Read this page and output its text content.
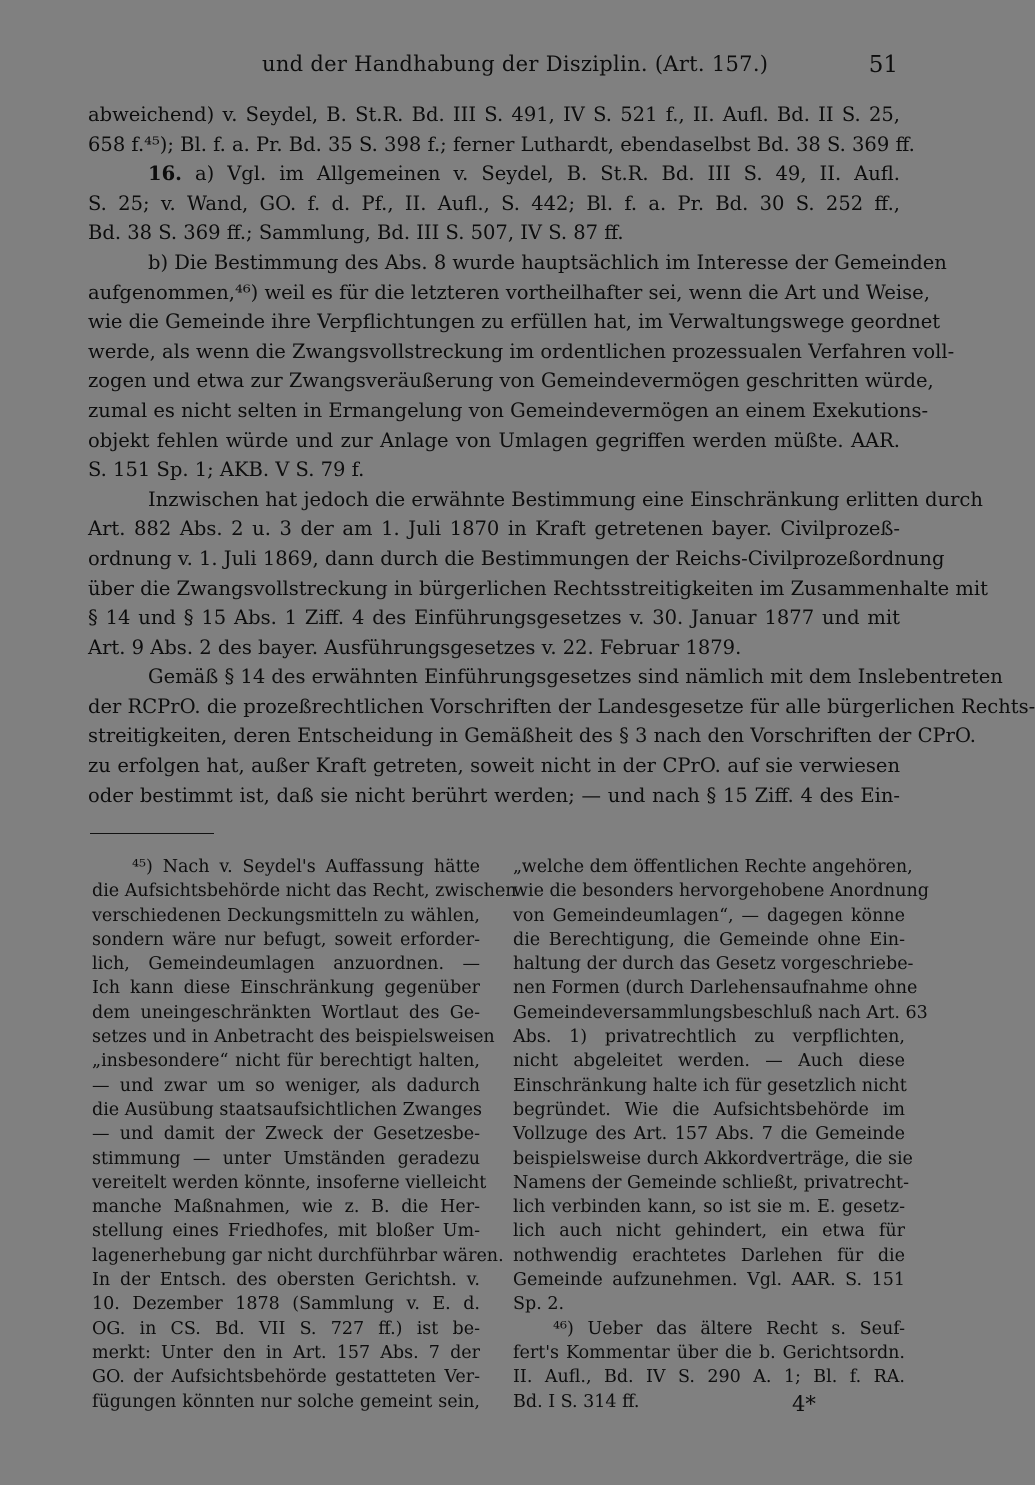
und der Handhabung der Disziplin. (Art. 157.)	51
abweichend) v. Seydel, B. St.R. Bd. III S. 491, IV S. 521 f., II. Aufl. Bd. II S. 25,
658 f.⁴⁵); Bl. f. a. Pr. Bd. 35 S. 398 f.; ferner Luthardt, ebendaselbst Bd. 38 S. 369 ff.
16. a) Vgl. im Allgemeinen v. Seydel, B. St.R. Bd. III S. 49, II. Aufl.
S. 25; v. Wand, GO. f. d. Pf., II. Aufl., S. 442; Bl. f. a. Pr. Bd. 30 S. 252 ff.,
Bd. 38 S. 369 ff.; Sammlung, Bd. III S. 507, IV S. 87 ff.
b) Die Bestimmung des Abs. 8 wurde hauptsächlich im Interesse der Gemeinden
aufgenommen,⁴⁶) weil es für die letzteren vortheilhafter sei, wenn die Art und Weise,
wie die Gemeinde ihre Verpflichtungen zu erfüllen hat, im Verwaltungswege geordnet
werde, als wenn die Zwangsvollstreckung im ordentlichen prozessualen Verfahren voll-
zogen und etwa zur Zwangsveräußerung von Gemeindevermögen geschritten würde,
zumal es nicht selten in Ermangelung von Gemeindevermögen an einem Exekutions-
objekt fehlen würde und zur Anlage von Umlagen gegriffen werden müßte. AAR.
S. 151 Sp. 1; AKB. V S. 79 f.
Inzwischen hat jedoch die erwähnte Bestimmung eine Einschränkung erlitten durch
Art. 882 Abs. 2 u. 3 der am 1. Juli 1870 in Kraft getretenen bayer. Civilprozeß-
ordnung v. 1. Juli 1869, dann durch die Bestimmungen der Reichs-Civilprozeßordnung
über die Zwangsvollstreckung in bürgerlichen Rechtsstreitigkeiten im Zusammenhalte mit
§ 14 und § 15 Abs. 1 Ziff. 4 des Einführungsgesetzes v. 30. Januar 1877 und mit
Art. 9 Abs. 2 des bayer. Ausführungsgesetzes v. 22. Februar 1879.
Gemäß § 14 des erwähnten Einführungsgesetzes sind nämlich mit dem Inslebentreten
der RCPrO. die prozeßrechtlichen Vorschriften der Landesgesetze für alle bürgerlichen Rechts-
streitigkeiten, deren Entscheidung in Gemäßheit des § 3 nach den Vorschriften der CPrO.
zu erfolgen hat, außer Kraft getreten, soweit nicht in der CPrO. auf sie verwiesen
oder bestimmt ist, daß sie nicht berührt werden; — und nach § 15 Ziff. 4 des Ein-
⁴⁵) Nach v. Seydel's Auffassung hätte
die Aufsichtsbehörde nicht das Recht, zwischen
verschiedenen Deckungsmitteln zu wählen,
sondern wäre nur befugt, soweit erforder-
lich, Gemeindeumlagen anzuordnen. —
Ich kann diese Einschränkung gegenüber
dem uneingeschränkten Wortlaut des Ge-
setzes und in Anbetracht des beispielsweisen
„insbesondere“ nicht für berechtigt halten,
— und zwar um so weniger, als dadurch
die Ausübung staatsaufsichtlichen Zwanges
— und damit der Zweck der Gesetzesbe-
stimmung — unter Umständen geradezu
vereitelt werden könnte, insoferne vielleicht
manche Maßnahmen, wie z. B. die Her-
stellung eines Friedhofes, mit bloßer Um-
lagenerhebung gar nicht durchführbar wären.
In der Entsch. des obersten Gerichtsh. v.
10. Dezember 1878 (Sammlung v. E. d.
OG. in CS. Bd. VII S. 727 ff.) ist be-
merkt: Unter den in Art. 157 Abs. 7 der
GO. der Aufsichtsbehörde gestatteten Ver-
fügungen könnten nur solche gemeint sein,
„welche dem öffentlichen Rechte angehören,
wie die besonders hervorgehobene Anordnung
von Gemeindeumlagen“, — dagegen könne
die Berechtigung, die Gemeinde ohne Ein-
haltung der durch das Gesetz vorgeschriebe-
nen Formen (durch Darlehensaufnahme ohne
Gemeindeversammlungsbeschluß nach Art. 63
Abs. 1) privatrechtlich zu verpflichten,
nicht abgeleitet werden. — Auch diese
Einschränkung halte ich für gesetzlich nicht
begründet. Wie die Aufsichtsbehörde im
Vollzuge des Art. 157 Abs. 7 die Gemeinde
beispielsweise durch Akkordverträge, die sie
Namens der Gemeinde schließt, privatrecht-
lich verbinden kann, so ist sie m. E. gesetz-
lich auch nicht gehindert, ein etwa für
nothwendig erachtetes Darlehen für die
Gemeinde aufzunehmen. Vgl. AAR. S. 151
Sp. 2.
⁴⁶) Ueber das ältere Recht s. Seuf-
fert's Kommentar über die b. Gerichtsordn.
II. Aufl., Bd. IV S. 290 A. 1; Bl. f. RA.
Bd. I S. 314 ff.	4*
